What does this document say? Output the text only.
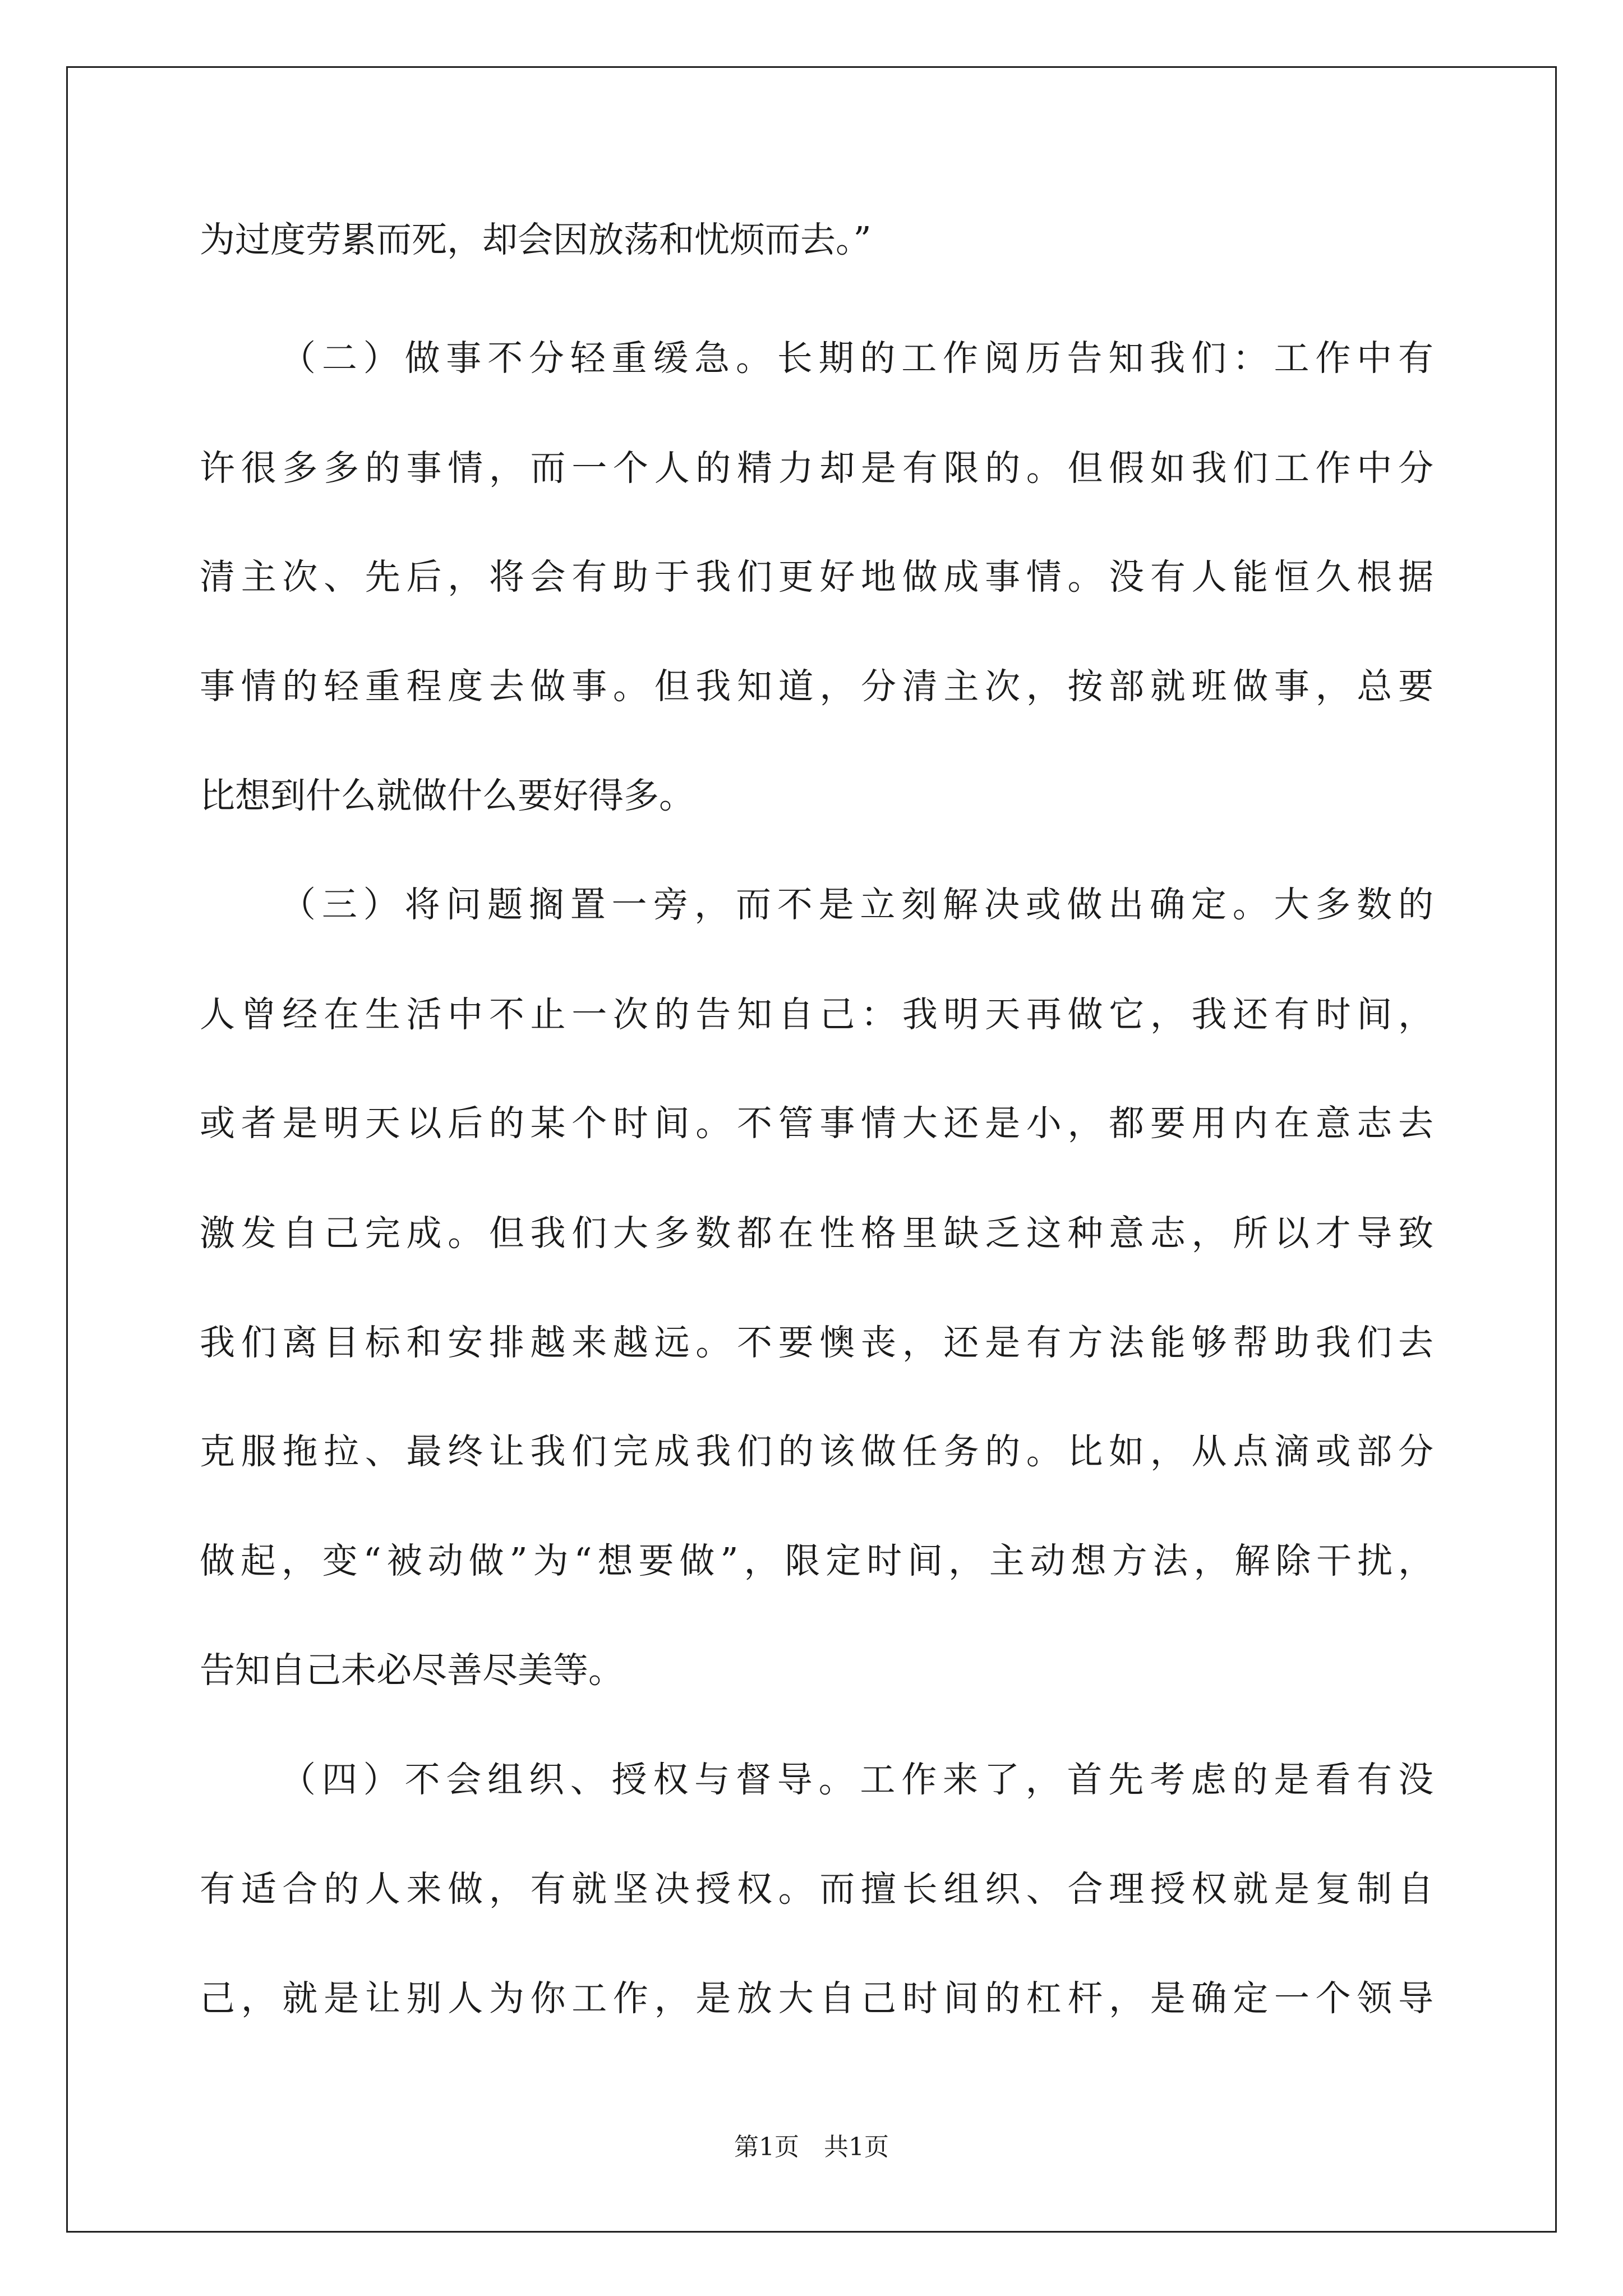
为过度劳累而死，却会因放荡和忧烦而去。”
（二）做事不分轻重缓急。长期的工作阅历告知我们：工作中有
许很多多的事情，而一个人的精力却是有限的。但假如我们工作中分
清主次、先后，将会有助于我们更好地做成事情。没有人能恒久根据
事情的轻重程度去做事。但我知道，分清主次，按部就班做事，总要
比想到什么就做什么要好得多。
（三）将问题搁置一旁，而不是立刻解决或做出确定。大多数的
人曾经在生活中不止一次的告知自己：我明天再做它，我还有时间，
或者是明天以后的某个时间。不管事情大还是小，都要用内在意志去
激发自己完成。但我们大多数都在性格里缺乏这种意志，所以才导致
我们离目标和安排越来越远。不要懊丧，还是有方法能够帮助我们去
克服拖拉、最终让我们完成我们的该做任务的。比如，从点滴或部分
做起，变“被动做”为“想要做”，限定时间，主动想方法，解除干扰，
告知自己未必尽善尽美等。
（四）不会组织、授权与督导。工作来了，首先考虑的是看有没
有适合的人来做，有就坚决授权。而擅长组织、合理授权就是复制自
己，就是让别人为你工作，是放大自己时间的杠杆，是确定一个领导
第1页　共1页
